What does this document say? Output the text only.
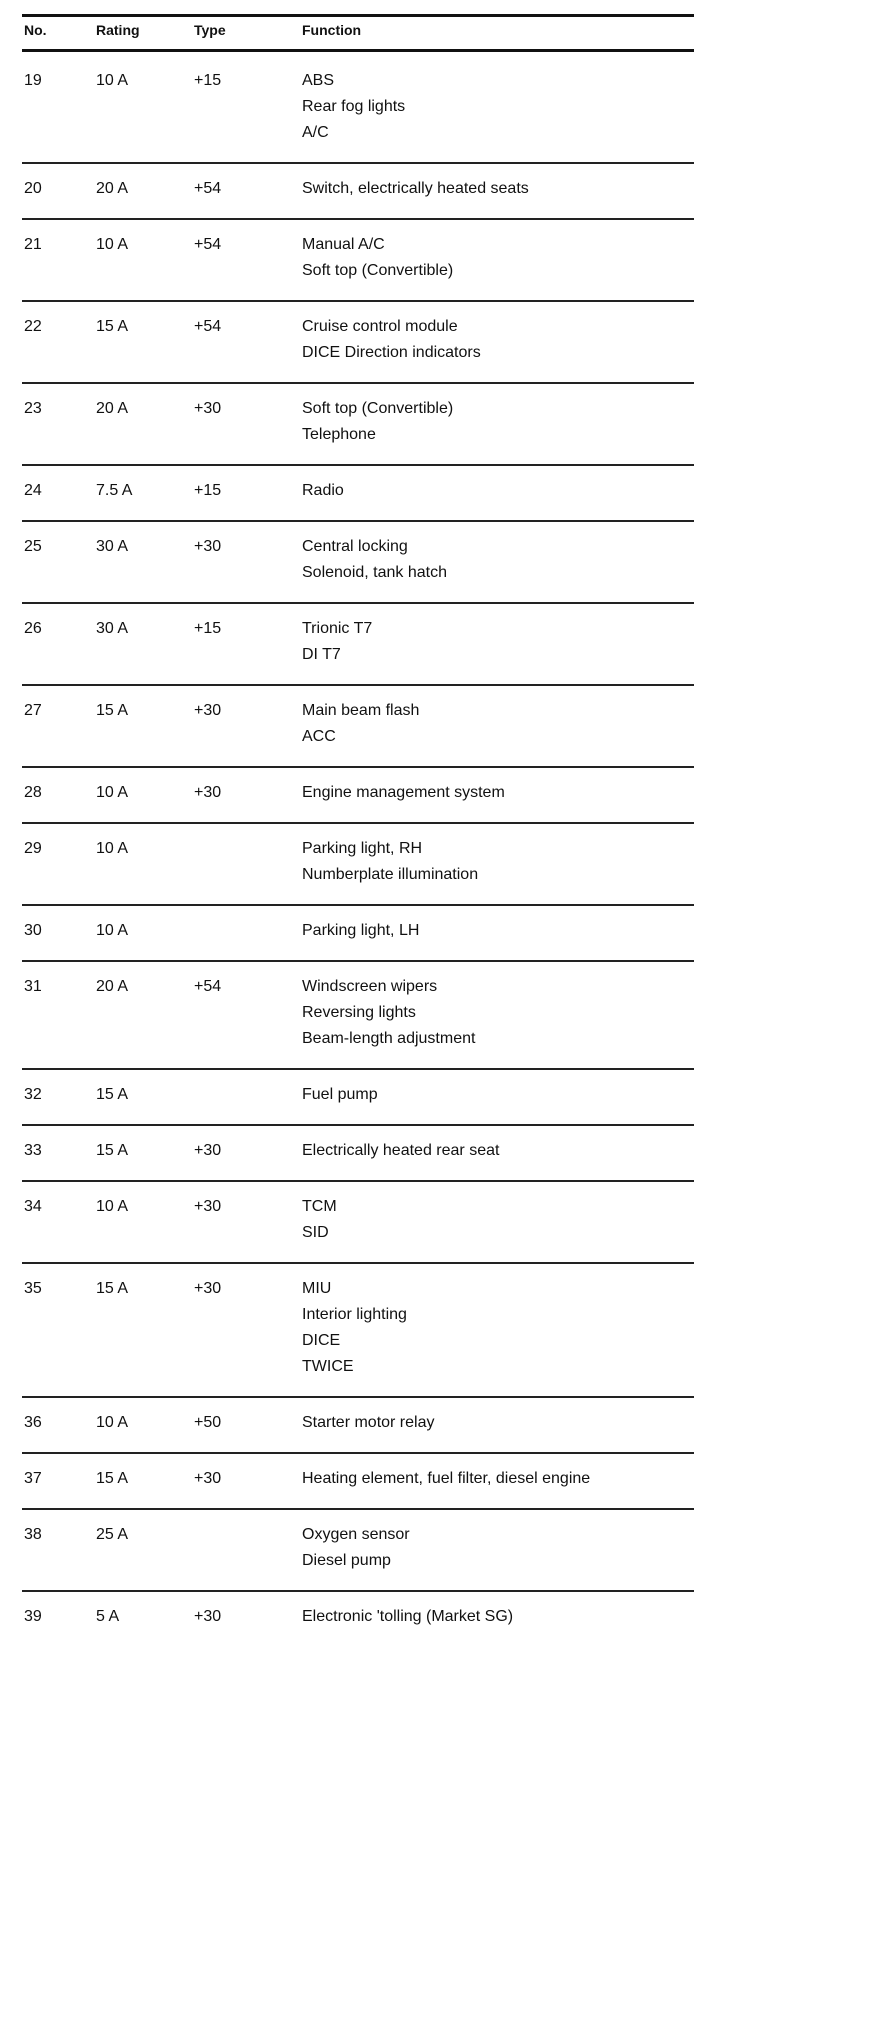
No.	Rating	Type	Function
19	10 A	+15	ABS
Rear fog lights
A/C

20	20 A	+54	Switch, electrically heated seats

21	10 A	+54	Manual A/C
Soft top (Convertible)

22	15 A	+54	Cruise control module
DICE Direction indicators

23	20 A	+30	Soft top (Convertible)
Telephone

24	7.5 A	+15	Radio

25	30 A	+30	Central locking
Solenoid, tank hatch

26	30 A	+15	Trionic T7
DI T7

27	15 A	+30	Main beam flash
ACC

28	10 A	+30	Engine management system

29	10 A		Parking light, RH
Numberplate illumination

30	10 A		Parking light, LH

31	20 A	+54	Windscreen wipers
Reversing lights
Beam-length adjustment

32	15 A		Fuel pump

33	15 A	+30	Electrically heated rear seat

34	10 A	+30	TCM
SID

35	15 A	+30	MIU
Interior lighting
DICE
TWICE

36	10 A	+50	Starter motor relay

37	15 A	+30	Heating element, fuel filter, diesel engine

38	25 A		Oxygen sensor
Diesel pump

39	5 A	+30	Electronic 'tolling (Market SG)
